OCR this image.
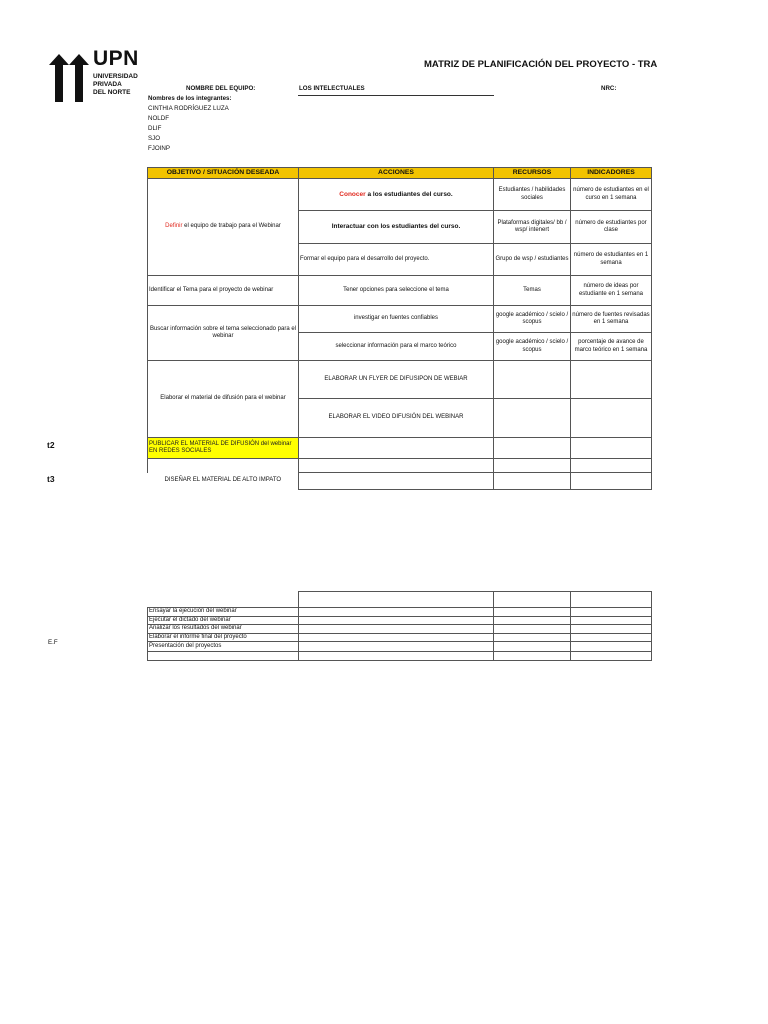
UPN
UNIVERSIDAD
PRIVADA
DEL NORTE
MATRIZ DE PLANIFICACIÓN DEL PROYECTO - TRA
NOMBRE DEL EQUIPO:	LOS INTELECTUALES	NRC:
Nombres de los integrantes:
CINTHIA RODRÍGUEZ LUZA
NOLDF
DLIF
SJO
FJOINP
t2
t3
E.F
OBJETIVO / SITUACIÓN DESEADA	ACCIONES	RECURSOS	INDICADORES
Definir el equipo de trabajo para el Webinar	Conocer a los estudiantes del curso.	Estudiantes / habilidades sociales	número de estudiantes en el curso en 1 semana
	Interactuar con los estudiantes del curso.	Plataformas digitales/ bb / wsp/ intenert	número de estudiantes por clase
	Formar el equipo para el desarrollo del proyecto.	Grupo de wsp / estudiantes	número de estudiantes en 1 semana
Identificar el Tema para el proyecto de webinar	Tener opciones para seleccione el tema	Temas	número de ideas por estudiante en 1 semana
Buscar información sobre el tema seleccionado para el webinar	investigar en fuentes confiables	google académico / scielo / scopus	número de fuentes revisadas en 1 semana
	seleccionar información para el marco teórico	google académico / scielo / scopus	porcentaje de avance de marco teórico en 1 semana
Elaborar el material de difusión para el webinar	ELABORAR UN FLYER DE DIFUSIPON DE WEBIAR		
	ELABORAR EL VIDEO DIFUSIÓN DEL WEBINAR		
PUBLICAR EL MATERIAL DE DIFUSIÓN del webinar EN REDES SOCIALES			

DISEÑAR EL MATERIAL DE ALTO IMPATO			

Ensayar la ejecución del webinar			
Ejecutar el dictado del webinar			
Analizar los resultados del webinar			
Elaborar el informe final del proyecto			
Presentación del proyectos			
